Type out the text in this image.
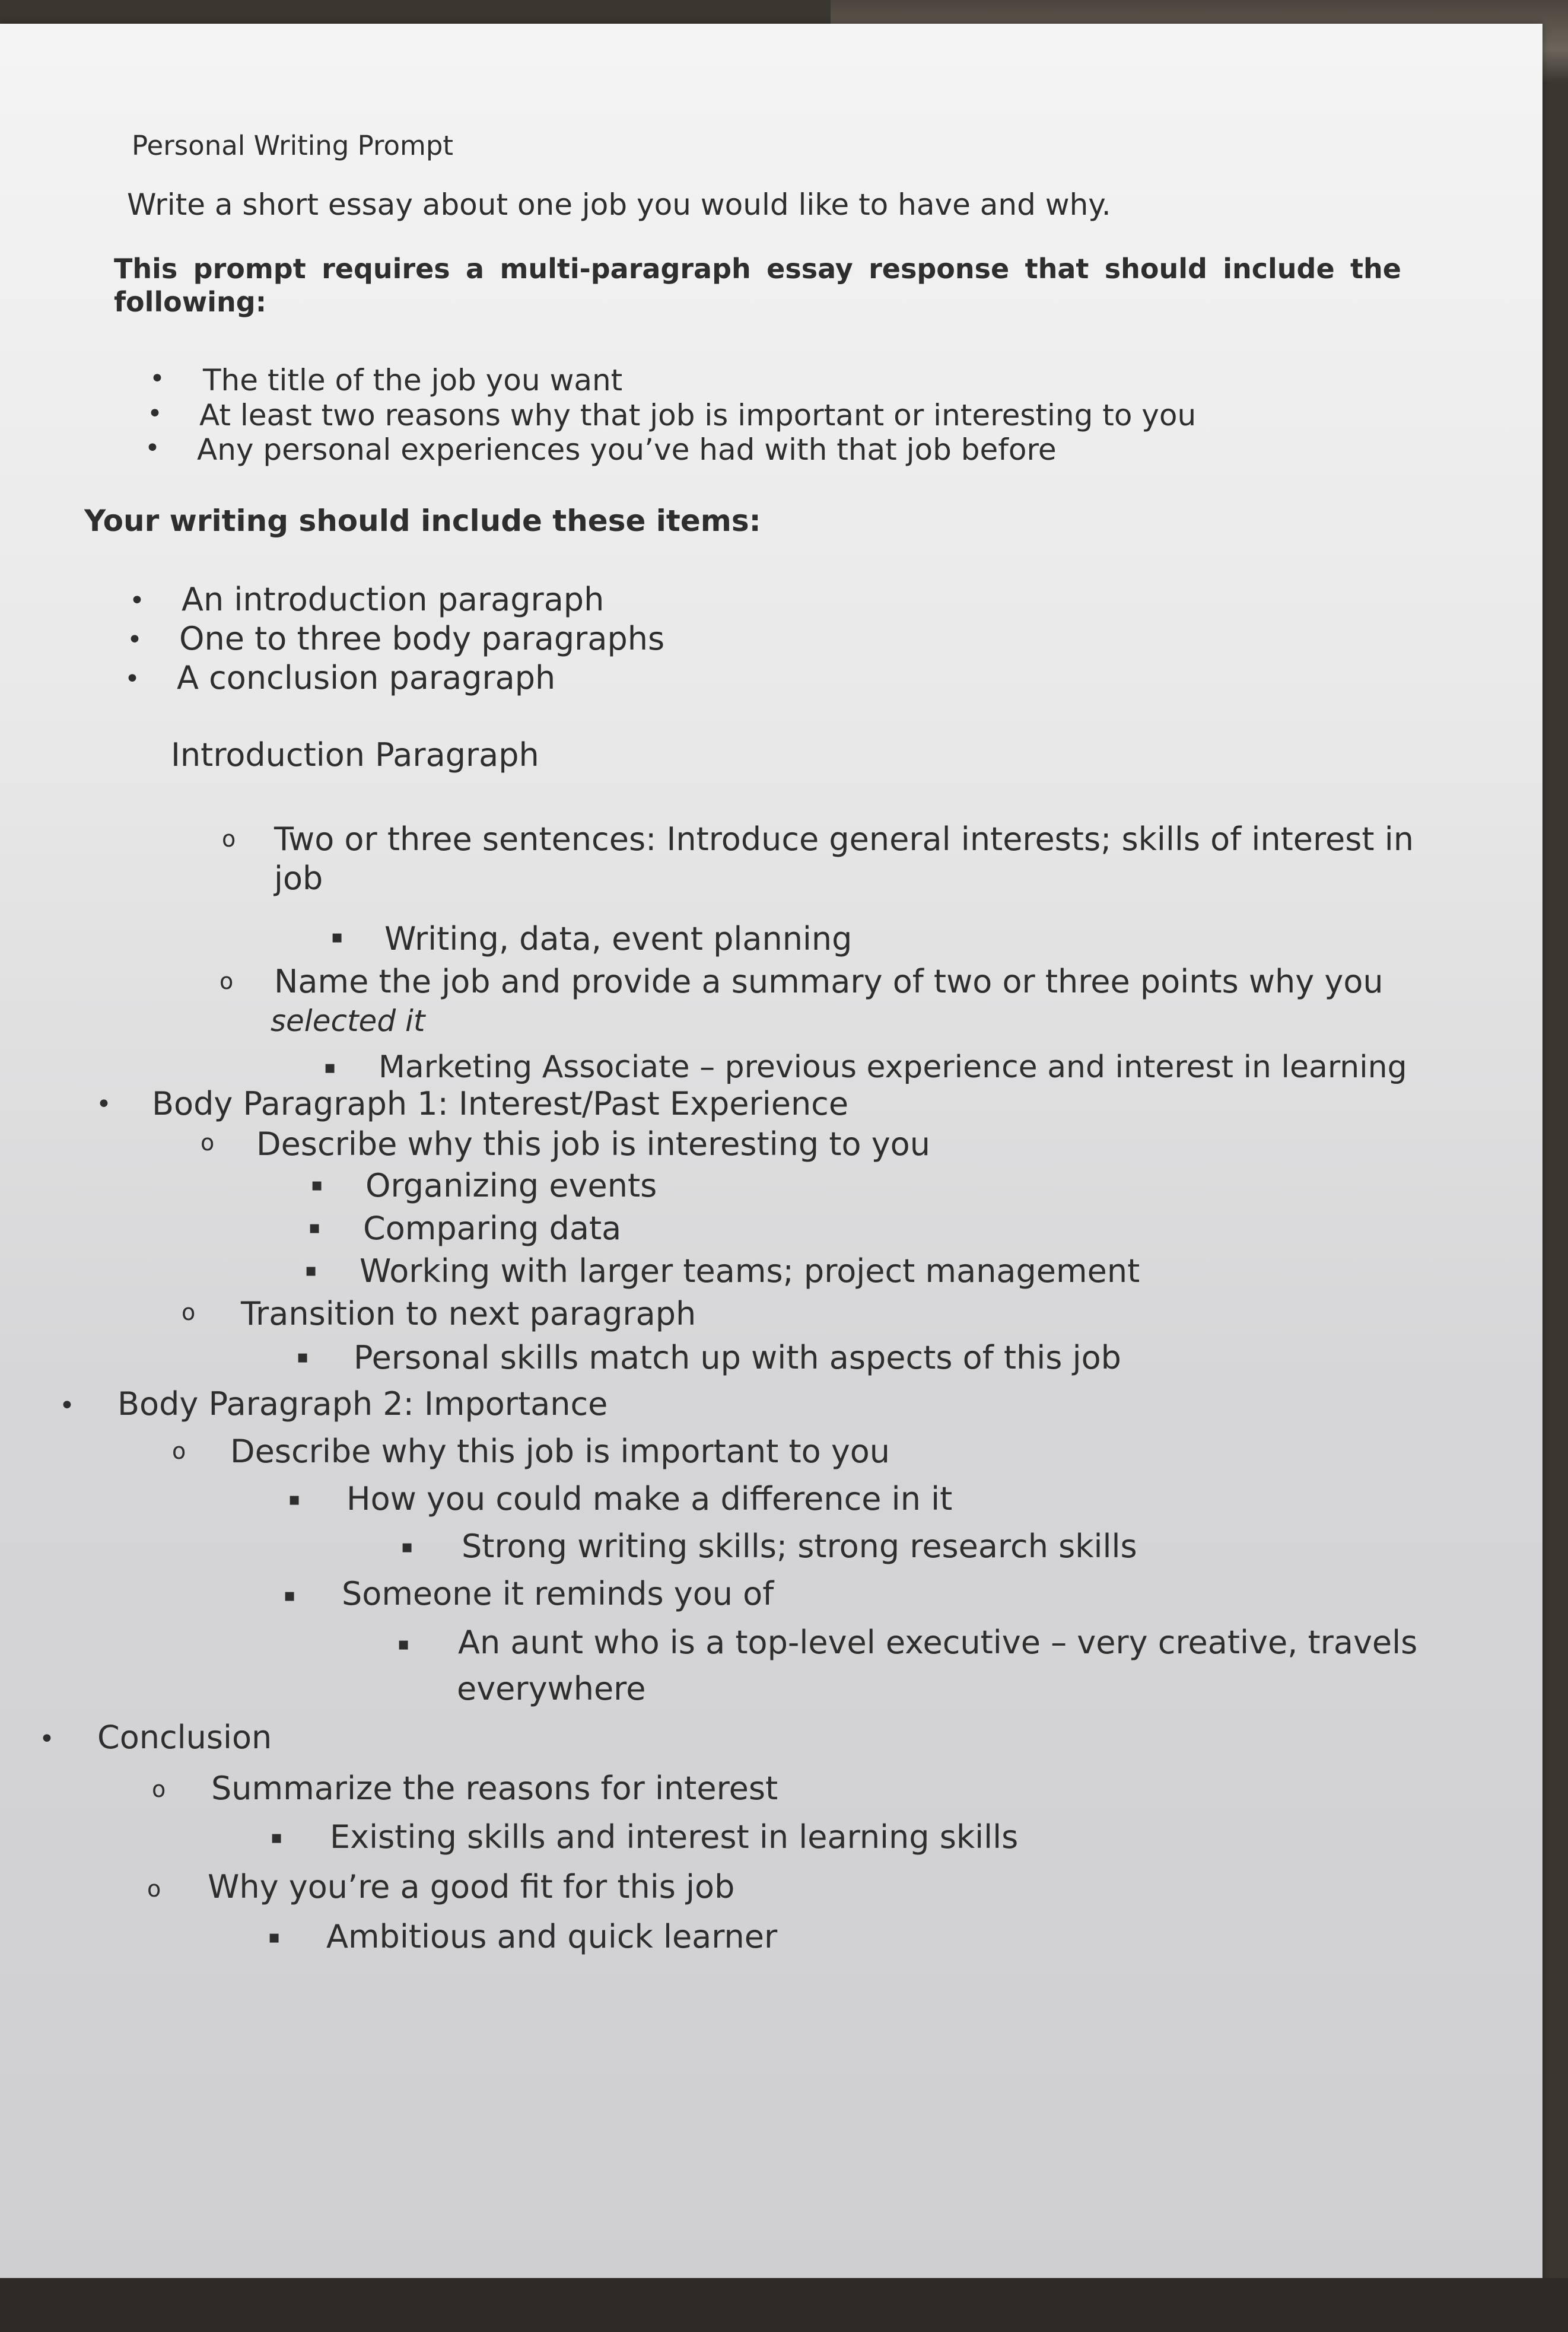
Personal Writing Prompt
Write a short essay about one job you would like to have and why.
This prompt requires a multi-paragraph essay response that should include the following:
• The title of the job you want
• At least two reasons why that job is important or interesting to you
• Any personal experiences you’ve had with that job before
Your writing should include these items:
• An introduction paragraph
• One to three body paragraphs
• A conclusion paragraph
Introduction Paragraph
o Two or three sentences: Introduce general interests; skills of interest in
job
▪ Writing, data, event planning
o Name the job and provide a summary of two or three points why you
selected it
▪ Marketing Associate – previous experience and interest in learning
• Body Paragraph 1: Interest/Past Experience
o Describe why this job is interesting to you
▪ Organizing events
▪ Comparing data
▪ Working with larger teams; project management
o Transition to next paragraph
▪ Personal skills match up with aspects of this job
• Body Paragraph 2: Importance
o Describe why this job is important to you
▪ How you could make a difference in it
▪ Strong writing skills; strong research skills
▪ Someone it reminds you of
▪ An aunt who is a top-level executive – very creative, travels
everywhere
• Conclusion
o Summarize the reasons for interest
▪ Existing skills and interest in learning skills
o Why you’re a good fit for this job
▪ Ambitious and quick learner
